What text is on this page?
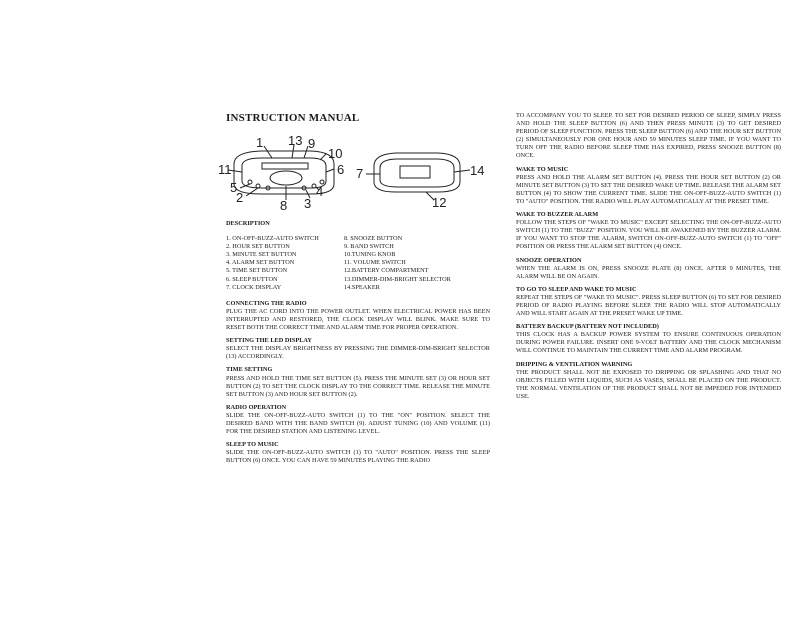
INSTRUCTION MANUAL
1 13 9
10
11	6
5
2
8 3
4
7	14
12
DESCRIPTION
1. ON-OFF-BUZZ-AUTO SWITCH
2. HOUR SET BUTTON
3. MINUTE SET BUTTON
4. ALARM SET BUTTON
5. TIME SET BUTTON
6. SLEEP BUTTON
7. CLOCK DISPLAY
8. SNOOZE BUTTON
9. BAND SWITCH
10.TUNING KNOB
11. VOLUME SWITCH
12.BATTERY COMPARTMENT
13.DIMMER-DIM-BRIGHT SELECTOR
14.SPEAKER
CONNECTING THE RADIO

PLUG THE AC CORD INTO THE POWER OUTLET. WHEN ELECTRICAL POWER HAS BEEN INTERRUPTED AND RESTORED, THE CLOCK DISPLAY WILL BLINK. MAKE SURE TO RESET BOTH THE CORRECT TIME AND ALARM TIME FOR PROPER OPERATION.

SETTING THE LED DISPLAY

SELECT THE DISPLAY BRIGHTNESS BY PRESSING THE DIMMER-DIM-BRIGHT SELECTOR (13) ACCORDINGLY.

TIME SETTING

PRESS AND HOLD THE TIME SET BUTTON (5). PRESS THE MINUTE SET (3) OR HOUR SET BUTTON (2) TO SET THE CLOCK DISPLAY TO THE CORRECT TIME. RELEASE THE MINUTE SET BUTTON (3) AND HOUR SET BUTTON (2).

RADIO OPERATION

SLIDE THE ON-OFF-BUZZ-AUTO SWITCH (1) TO THE "ON" POSITION. SELECT THE DESIRED BAND WITH THE BAND SWITCH (9). ADJUST TUNING (10) AND VOLUME (11) FOR THE DESIRED STATION AND LISTENING LEVEL.

SLEEP TO MUSIC

SLIDE THE ON-OFF-BUZZ-AUTO SWITCH (1) TO "AUTO" POSITION. PRESS THE SLEEP BUTTON (6) ONCE. YOU CAN HAVE 59 MINUTES PLAYING THE RADIO

TO ACCOMPANY YOU TO SLEEP. TO SET FOR DESIRED PERIOD OF SLEEP, SIMPLY PRESS AND HOLD THE SLEEP BUTTON (6) AND THEN PRESS MINUTE (3) TO GET DESIRED PERIOD OF SLEEP FUNCTION. PRESS THE SLEEP BUTTON (6) AND THE HOUR SET BUTTON (2) SIMULTANEOUSLY FOR ONE HOUR AND 59 MINUTES SLEEP TIME. IF YOU WANT TO TURN OFF THE RADIO BEFORE SLEEP TIME HAS EXPIRED, PRESS SNOOZE BUTTON (8) ONCE.

WAKE TO MUSIC

PRESS AND HOLD THE ALARM SET BUTTON (4). PRESS THE HOUR SET BUTTON (2) OR MINUTE SET BUTTON (3) TO SET THE DESIRED WAKE UP TIME. RELEASE THE ALARM SET BUTTON (4) TO SHOW THE CURRENT TIME. SLIDE THE ON-OFF-BUZZ-AUTO SWITCH (1) TO "AUTO" POSITION. THE RADIO WILL PLAY AUTOMATICALLY AT THE PRESET TIME.

WAKE TO BUZZER ALARM

FOLLOW THE STEPS OF "WAKE TO MUSIC" EXCEPT SELECTING THE ON-OFF-BUZZ-AUTO SWITCH (1) TO THE "BUZZ" POSITION. YOU WILL BE AWAKENED BY THE BUZZER ALARM. IF YOU WANT TO STOP THE ALARM, SWITCH ON-OFF-BUZZ-AUTO SWITCH (1) TO "OFF" POSITION OR PRESS THE ALARM SET BUTTON (4) ONCE.

SNOOZE OPERATION

WHEN THE ALARM IS ON, PRESS SNOOZE PLATE (8) ONCE. AFTER 9 MINUTES, THE ALARM WILL BE ON AGAIN.

TO GO TO SLEEP AND WAKE TO MUSIC

REPEAT THE STEPS OF "WAKE TO MUSIC". PRESS SLEEP BUTTON (6) TO SET FOR DESIRED PERIOD OF RADIO PLAYING BEFORE SLEEP. THE RADIO WILL STOP AUTOMATICALLY AND WILL START AGAIN AT THE PRESET WAKE UP TIME.

BATTERY BACKUP (BATTERY NOT INCLUDED)

THIS CLOCK HAS A BACKUP POWER SYSTEM TO ENSURE CONTINUOUS OPERATION DURING POWER FAILURE. INSERT ONE 9-VOLT BATTERY AND THE CLOCK MECHANISM WILL CONTINUE TO MAINTAIN THE CURRENT TIME AND ALARM PROGRAM.

DRIPPING & VENTILATION WARNING

THE PRODUCT SHALL NOT BE EXPOSED TO DRIPPING OR SPLASHING AND THAT NO OBJECTS FILLED WITH LIQUIDS, SUCH AS VASES, SHALL BE PLACED ON THE PRODUCT. THE NORMAL VENTILATION OF THE PRODUCT SHALL NOT BE IMPEDED FOR INTENDED USE.
